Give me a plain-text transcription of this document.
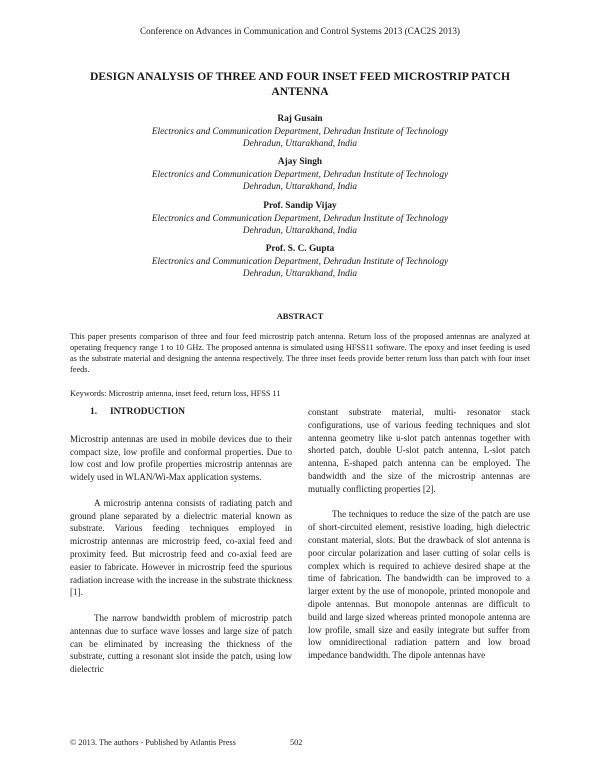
Conference on Advances in Communication and Control Systems 2013 (CAC2S 2013)
DESIGN ANALYSIS OF THREE AND FOUR INSET FEED MICROSTRIP PATCH ANTENNA
Raj Gusain
Electronics and Communication Department, Dehradun Institute of Technology
Dehradun, Uttarakhand, India
Ajay Singh
Electronics and Communication Department, Dehradun Institute of Technology
Dehradun, Uttarakhand, India
Prof. Sandip Vijay
Electronics and Communication Department, Dehradun Institute of Technology
Dehradun, Uttarakhand, India
Prof. S. C. Gupta
Electronics and Communication Department, Dehradun Institute of Technology
Dehradun, Uttarakhand, India
ABSTRACT
This paper presents comparison of three and four feed microstrip patch antenna. Return loss of the proposed antennas are analyzed at operating frequency range 1 to 10 GHz. The proposed antenna is simulated using HFSS11 software. The epoxy and inset feeding is used as the substrate material and designing the antenna respectively. The three inset feeds provide better return loss than patch with four inset feeds.
Keywords: Microstrip antenna, inset feed, return loss, HFSS 11
1. INTRODUCTION

Microstrip antennas are used in mobile devices due to their compact size, low profile and conformal properties. Due to low cost and low profile properties microstrip antennas are widely used in WLAN/Wi-Max application systems.

A microstrip antenna consists of radiating patch and ground plane separated by a dielectric material known as substrate. Various feeding techniques employed in microstrip antennas are microstrip feed, co-axial feed and proximity feed. But microstrip feed and co-axial feed are easier to fabricate. However in microstrip feed the spurious radiation increase with the increase in the substrate thickness [1].

The narrow bandwidth problem of microstrip patch antennas due to surface wave losses and large size of patch can be eliminated by increasing the thickness of the substrate, cutting a resonant slot inside the patch, using low dielectric

constant substrate material, multi- resonator stack configurations, use of various feeding techniques and slot antenna geometry like u-slot patch antennas together with shorted patch, double U-slot patch antenna, L-slot patch antenna, E-shaped patch antenna can be employed. The bandwidth and the size of the microstrip antennas are mutually conflicting properties [2].

The techniques to reduce the size of the patch are use of short-circuited element, resistive loading, high dielectric constant material, slots. But the drawback of slot antenna is poor circular polarization and laser cutting of solar cells is complex which is required to achieve desired shape at the time of fabrication. The bandwidth can be improved to a larger extent by the use of monopole, printed monopole and dipole antennas. But monopole antennas are difficult to build and large sized whereas printed monopole antenna are low profile, small size and easily integrate but suffer from low omnidirectional radiation pattern and low broad impedance bandwidth. The dipole antennas have

© 2013. The authors - Published by Atlantis Press	502
